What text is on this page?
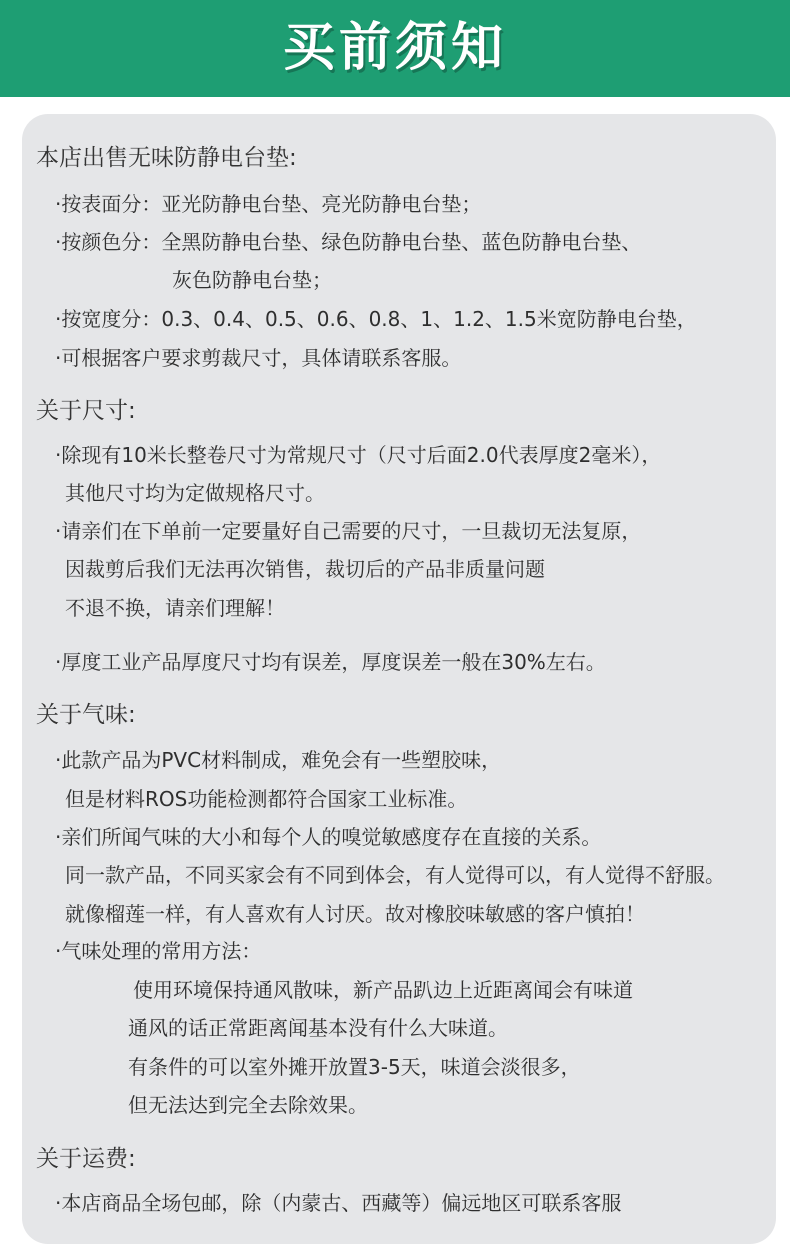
买前须知
本店出售无味防静电台垫:
·按表面分：亚光防静电台垫、亮光防静电台垫；
·按颜色分：全黑防静电台垫、绿色防静电台垫、蓝色防静电台垫、
灰色防静电台垫；
·按宽度分：0.3、0.4、0.5、0.6、0.8、1、1.2、1.5米宽防静电台垫，
·可根据客户要求剪裁尺寸，具体请联系客服。
关于尺寸:
·除现有10米长整卷尺寸为常规尺寸（尺寸后面2.0代表厚度2毫米），
其他尺寸均为定做规格尺寸。
·请亲们在下单前一定要量好自己需要的尺寸，一旦裁切无法复原，
因裁剪后我们无法再次销售，裁切后的产品非质量问题
不退不换，请亲们理解！
·厚度工业产品厚度尺寸均有误差，厚度误差一般在30%左右。
关于气味:
·此款产品为PVC材料制成，难免会有一些塑胶味，
但是材料ROS功能检测都符合国家工业标准。
·亲们所闻气味的大小和每个人的嗅觉敏感度存在直接的关系。
同一款产品，不同买家会有不同到体会，有人觉得可以，有人觉得不舒服。
就像榴莲一样，有人喜欢有人讨厌。故对橡胶味敏感的客户慎拍！
·气味处理的常用方法：
使用环境保持通风散味，新产品趴边上近距离闻会有味道
通风的话正常距离闻基本没有什么大味道。
有条件的可以室外摊开放置3-5天，味道会淡很多，
但无法达到完全去除效果。
关于运费:
·本店商品全场包邮，除（内蒙古、西藏等）偏远地区可联系客服
